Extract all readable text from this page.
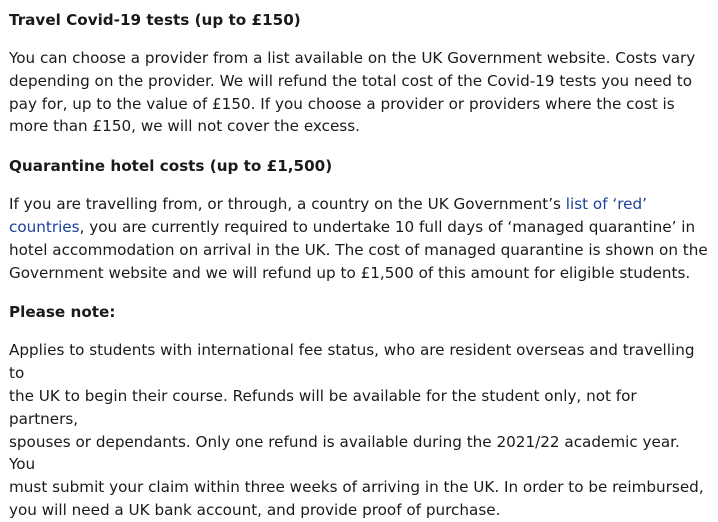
Travel Covid-19 tests (up to £150)

You can choose a provider from a list available on the UK Government website. Costs vary
depending on the provider. We will refund the total cost of the Covid-19 tests you need to
pay for, up to the value of £150. If you choose a provider or providers where the cost is
more than £150, we will not cover the excess.

Quarantine hotel costs (up to £1,500)

If you are travelling from, or through, a country on the UK Government’s list of ‘red’
countries, you are currently required to undertake 10 full days of ‘managed quarantine’ in
hotel accommodation on arrival in the UK. The cost of managed quarantine is shown on the
Government website and we will refund up to £1,500 of this amount for eligible students.

Please note:

Applies to students with international fee status, who are resident overseas and travelling to
the UK to begin their course. Refunds will be available for the student only, not for partners,
spouses or dependants. Only one refund is available during the 2021/22 academic year. You
must submit your claim within three weeks of arriving in the UK. In order to be reimbursed,
you will need a UK bank account, and provide proof of purchase.
